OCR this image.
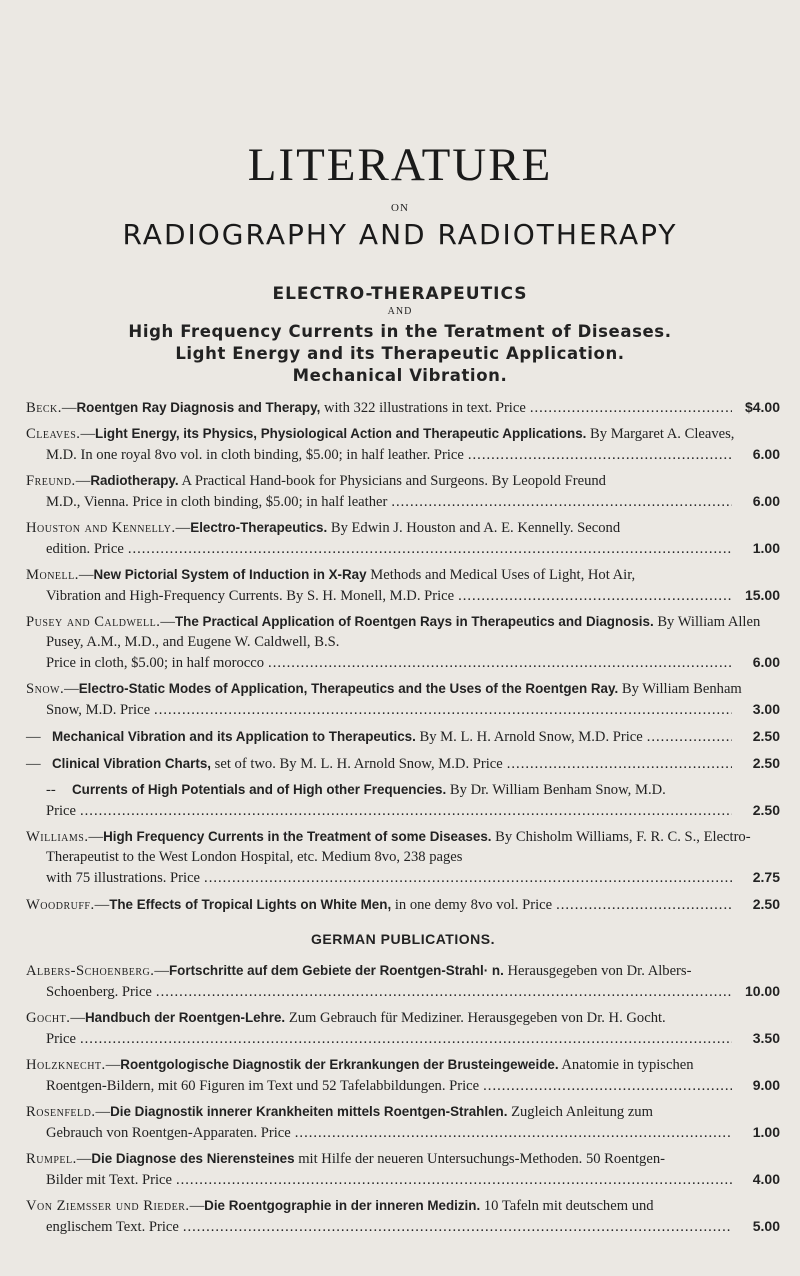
LITERATURE
ON
RADIOGRAPHY AND RADIOTHERAPY
ELECTRO-THERAPEUTICS
AND
High Frequency Currents in the Teratment of Diseases.
Light Energy and its Therapeutic Application.
Mechanical Vibration.
Beck.—Roentgen Ray Diagnosis and Therapy, with 322 illustrations in text. Price .....	$4.00
Cleaves.—Light Energy, its Physics, Physiological Action and Therapeutic Applications. By Margaret A. Cleaves,
M.D. In one royal 8vo vol. in cloth binding, $5.00; in half leather. Price .....	6.00
Freund.—Radiotherapy. A Practical Hand-book for Physicians and Surgeons. By Leopold Freund
M.D., Vienna. Price in cloth binding, $5.00; in half leather .....	6.00
Houston and Kennelly.—Electro-Therapeutics. By Edwin J. Houston and A. E. Kennelly. Second
edition. Price .....	1.00
Monell.—New Pictorial System of Induction in X-Ray Methods and Medical Uses of Light, Hot Air,
Vibration and High-Frequency Currents. By S. H. Monell, M.D. Price .....	15.00
Pusey and Caldwell.—The Practical Application of Roentgen Rays in Therapeutics and Diagnosis. By William Allen Pusey, A.M., M.D., and Eugene W. Caldwell, B.S.
Price in cloth, $5.00; in half morocco .....	6.00
Snow.—Electro-Static Modes of Application, Therapeutics and the Uses of the Roentgen Ray. By William Benham
Snow, M.D. Price .....	3.00
— Mechanical Vibration and its Application to Therapeutics. By M. L. H. Arnold Snow, M.D. Price .....	2.50
— Clinical Vibration Charts, set of two. By M. L. H. Arnold Snow, M.D. Price .....	2.50
-- Currents of High Potentials and of High other Frequencies. By Dr. William Benham Snow, M.D.
Price .....	2.50
Williams.—High Frequency Currents in the Treatment of some Diseases. By Chisholm Williams, F. R. C. S., Electro-Therapeutist to the West London Hospital, etc. Medium 8vo, 238 pages
with 75 illustrations. Price .....	2.75
Woodruff.—The Effects of Tropical Lights on White Men, in one demy 8vo vol. Price .....	2.50
GERMAN PUBLICATIONS.
Albers-Schoenberg.—Fortschritte auf dem Gebiete der Roentgen-Strahl· n. Herausgegeben von Dr. Albers-
Schoenberg. Price .....	10.00
Gocht.—Handbuch der Roentgen-Lehre. Zum Gebrauch für Mediziner. Herausgegeben von Dr. H. Gocht.
Price .....	3.50
Holzknecht.—Roentgologische Diagnostik der Erkrankungen der Brusteingeweide. Anatomie in typischen
Roentgen-Bildern, mit 60 Figuren im Text und 52 Tafelabbildungen. Price .....	9.00
Rosenfeld.—Die Diagnostik innerer Krankheiten mittels Roentgen-Strahlen. Zugleich Anleitung zum
Gebrauch von Roentgen-Apparaten. Price .....	1.00
Rumpel.—Die Diagnose des Nierensteines mit Hilfe der neueren Untersuchungs-Methoden. 50 Roentgen-
Bilder mit Text. Price .....	4.00
Von Ziemsser und Rieder.—Die Roentgographie in der inneren Medizin. 10 Tafeln mit deutschem und
englischem Text. Price .....	5.00
